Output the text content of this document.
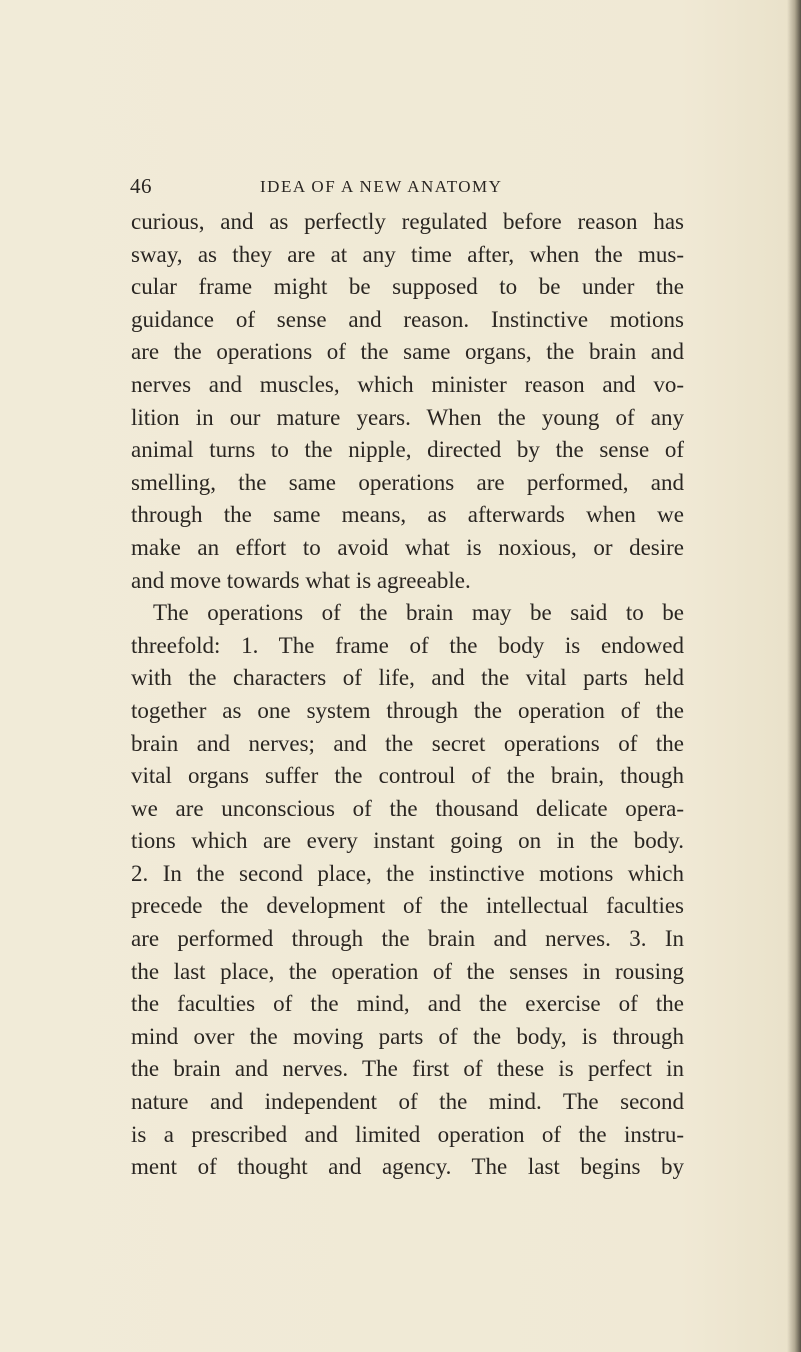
46	IDEA OF A NEW ANATOMY
curious, and as perfectly regulated before reason has
sway, as they are at any time after, when the mus-
cular frame might be supposed to be under the
guidance of sense and reason. Instinctive motions
are the operations of the same organs, the brain and
nerves and muscles, which minister reason and vo-
lition in our mature years. When the young of any
animal turns to the nipple, directed by the sense of
smelling, the same operations are performed, and
through the same means, as afterwards when we
make an effort to avoid what is noxious, or desire
and move towards what is agreeable.
The operations of the brain may be said to be
threefold: 1. The frame of the body is endowed
with the characters of life, and the vital parts held
together as one system through the operation of the
brain and nerves; and the secret operations of the
vital organs suffer the controul of the brain, though
we are unconscious of the thousand delicate opera-
tions which are every instant going on in the body.
2. In the second place, the instinctive motions which
precede the development of the intellectual faculties
are performed through the brain and nerves. 3. In
the last place, the operation of the senses in rousing
the faculties of the mind, and the exercise of the
mind over the moving parts of the body, is through
the brain and nerves. The first of these is perfect in
nature and independent of the mind. The second
is a prescribed and limited operation of the instru-
ment of thought and agency. The last begins by
